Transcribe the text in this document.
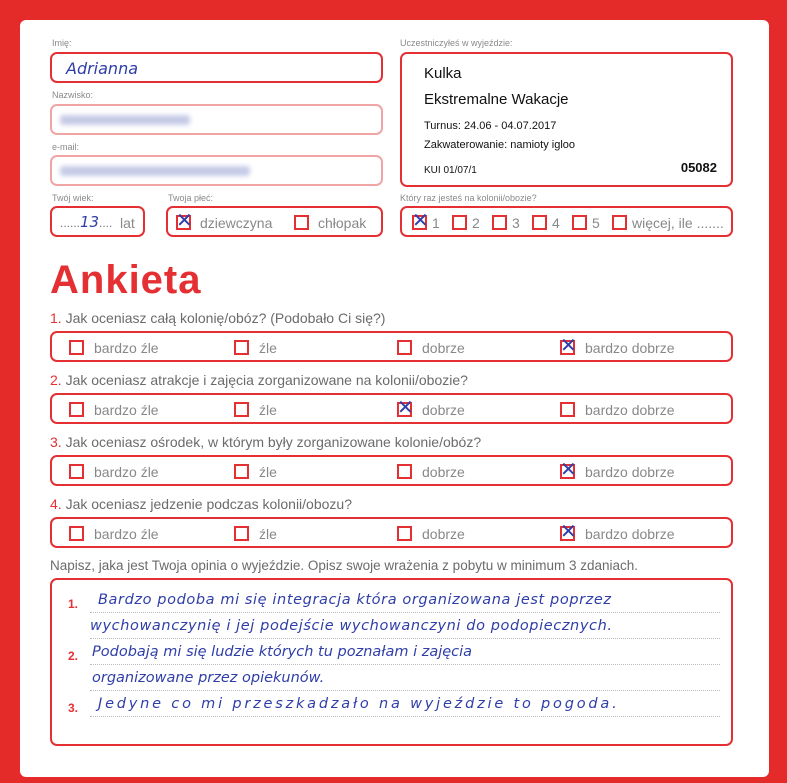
Imię:
Adrianna
Nazwisko:
e-mail:
Twój wiek:
...... 13 .... lat
Twoja płeć:
✕ dziewczyna	chłopak
Uczestniczyłeś w wyjeździe:
Kulka
Ekstremalne Wakacje
Turnus: 24.06 - 04.07.2017
Zakwaterowanie: namioty igloo
KUI 01/07/1	05082
Który raz jesteś na kolonii/obozie?
✕ 1 2 3 4 5 więcej, ile .......
Ankieta
1. Jak oceniasz całą kolonię/obóz? (Podobało Ci się?)
bardzo źle	źle	dobrze	✕ bardzo dobrze
2. Jak oceniasz atrakcje i zajęcia zorganizowane na kolonii/obozie?
bardzo źle	źle	✕ dobrze	bardzo dobrze
3. Jak oceniasz ośrodek, w którym były zorganizowane kolonie/obóz?
bardzo źle	źle	dobrze	✕ bardzo dobrze
4. Jak oceniasz jedzenie podczas kolonii/obozu?
bardzo źle	źle	dobrze	✕ bardzo dobrze
Napisz, jaka jest Twoja opinia o wyjeździe. Opisz swoje wrażenia z pobytu w minimum 3 zdaniach.
1.
2.
3.
Bardzo podoba mi się integracja która organizowana jest poprzez
wychowanczynię i jej podejście wychowanczyni do podopiecznych.
Podobają mi się ludzie których tu poznałam i zajęcia
organizowane przez opiekunów.
Jedyne co mi przeszkadzało na wyjeździe to pogoda.
